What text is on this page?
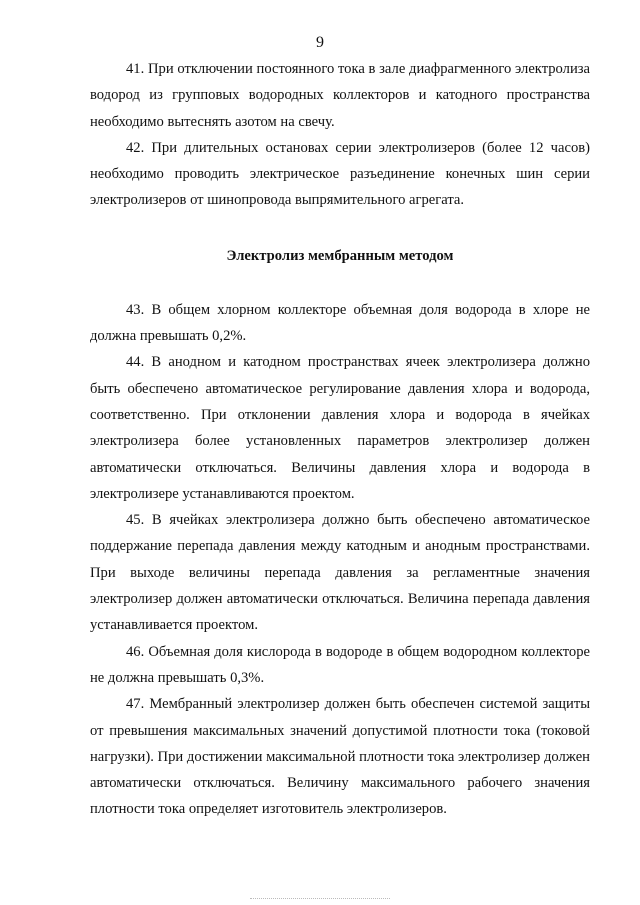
9

41. При отключении постоянного тока в зале диафрагменного электролиза водород из групповых водородных коллекторов и катодного пространства необходимо вытеснять азотом на свечу.

42. При длительных остановах серии электролизеров (более 12 часов) необходимо проводить электрическое разъединение конечных шин серии электролизеров от шинопровода выпрямительного агрегата.

Электролиз мембранным методом

43. В общем хлорном коллекторе объемная доля водорода в хлоре не должна превышать 0,2%.

44. В анодном и катодном пространствах ячеек электролизера должно быть обеспечено автоматическое регулирование давления хлора и водорода, соответственно. При отклонении давления хлора и водорода в ячейках электролизера более установленных параметров электролизер должен автоматически отключаться. Величины давления хлора и водорода в электролизере устанавливаются проектом.

45. В ячейках электролизера должно быть обеспечено автоматическое поддержание перепада давления между катодным и анодным пространствами. При выходе величины перепада давления за регламентные значения электролизер должен автоматически отключаться. Величина перепада давления устанавливается проектом.

46. Объемная доля кислорода в водороде в общем водородном коллекторе не должна превышать 0,3%.

47. Мембранный электролизер должен быть обеспечен системой защиты от превышения максимальных значений допустимой плотности тока (токовой нагрузки). При достижении максимальной плотности тока электролизер должен автоматически отключаться. Величину максимального рабочего значения плотности тока определяет изготовитель электролизеров.
